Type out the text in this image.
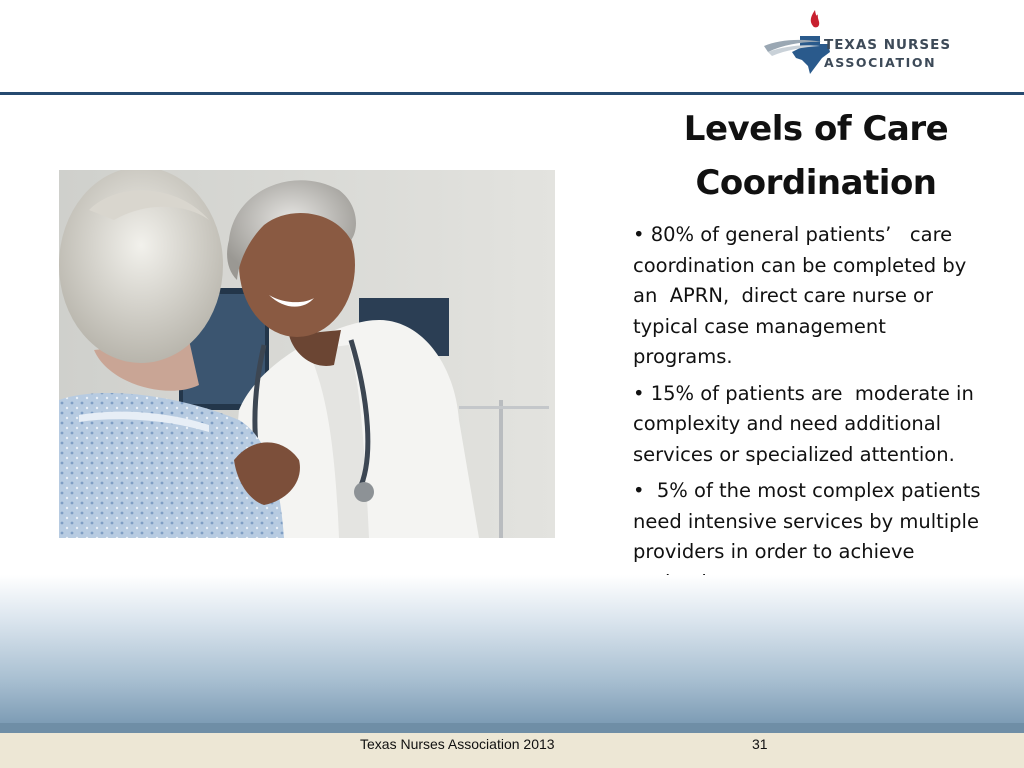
TEXAS NURSES
ASSOCIATION
Levels of Care Coordination

• 80% of general patients’   care coordination can be completed by an  APRN,  direct care nurse or typical case management programs.

• 15% of patients are  moderate in complexity and need additional services or specialized attention.

•  5% of the most complex patients need intensive services by multiple providers in order to achieve

Texas Nurses Association 2013	31
